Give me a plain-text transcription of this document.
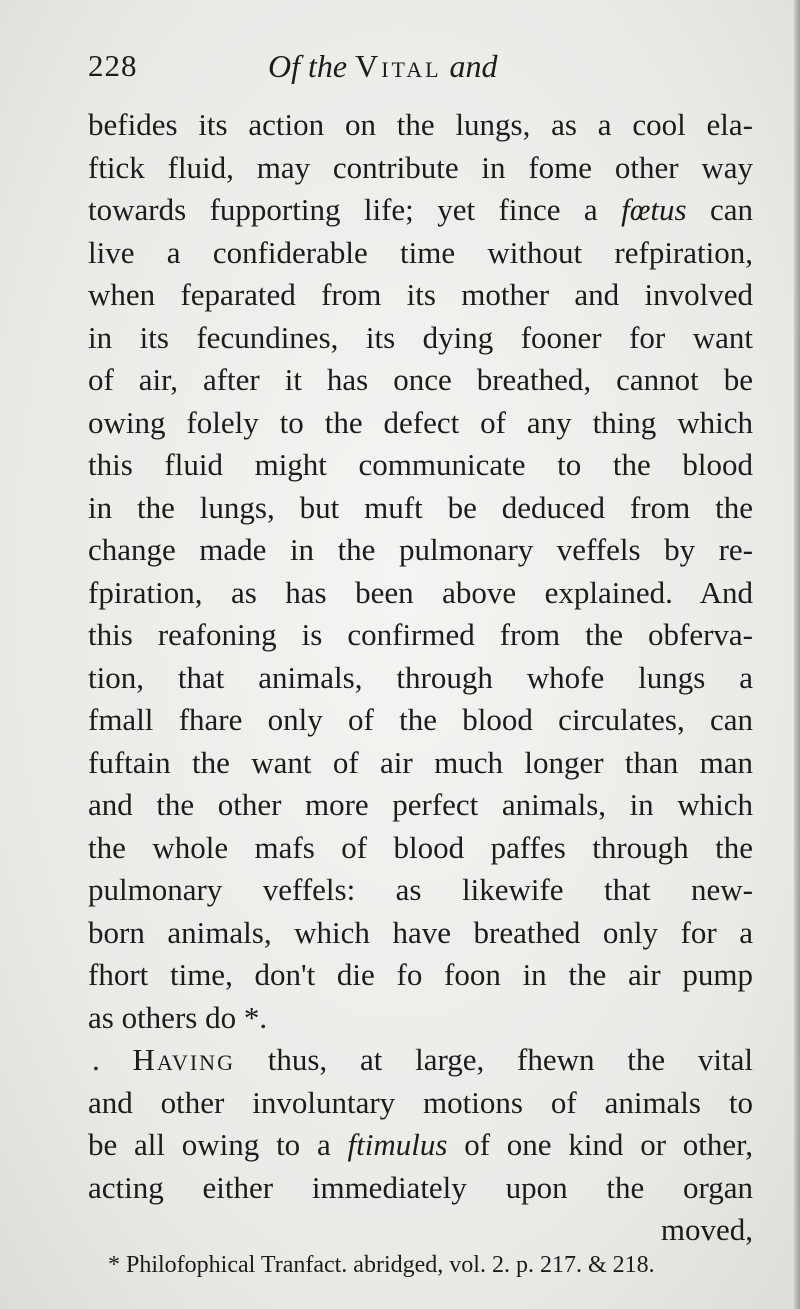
228	Of the Vital and
befides its action on the lungs, as a cool ela-
ftick fluid, may contribute in fome other way
towards fupporting life; yet fince a fœtus can
live a confiderable time without refpiration,
when feparated from its mother and involved
in its fecundines, its dying fooner for want
of air, after it has once breathed, cannot be
owing folely to the defect of any thing which
this fluid might communicate to the blood
in the lungs, but muft be deduced from the
change made in the pulmonary veffels by re-
fpiration, as has been above explained. And
this reafoning is confirmed from the obferva-
tion, that animals, through whofe lungs a
fmall fhare only of the blood circulates, can
fuftain the want of air much longer than man
and the other more perfect animals, in which
the whole mafs of blood paffes through the
pulmonary veffels: as likewife that new-
born animals, which have breathed only for a
fhort time, don't die fo foon in the air pump
as others do *.
. Having thus, at large, fhewn the vital
and other involuntary motions of animals to
be all owing to a ftimulus of one kind or other,
acting either immediately upon the organ
moved,
* Philofophical Tranfact. abridged, vol. 2. p. 217. & 218.
